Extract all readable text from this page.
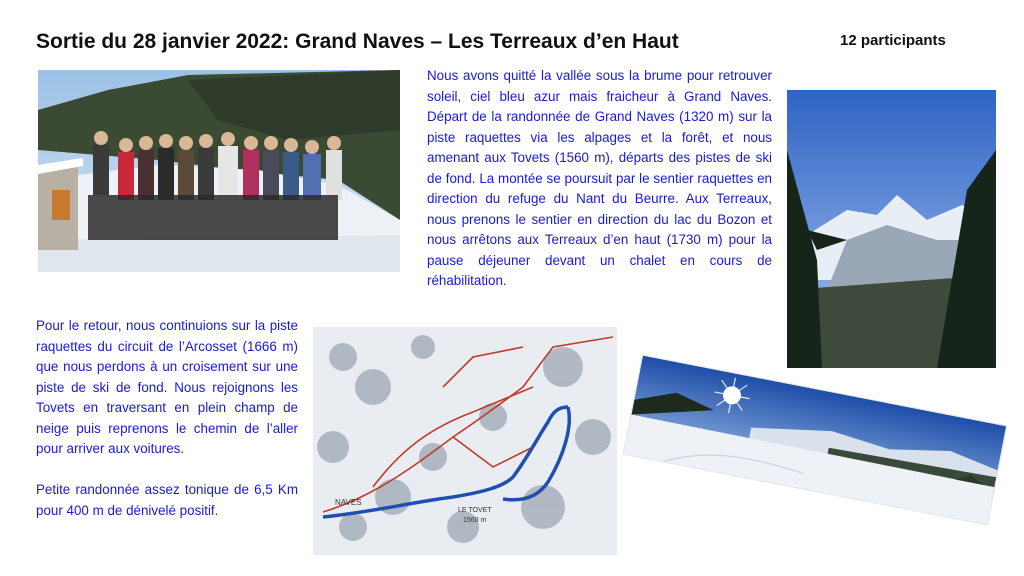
Sortie du 28 janvier 2022: Grand Naves – Les Terreaux d’en Haut	12 participants

Nous avons quitté la vallée sous la brume pour retrouver soleil, ciel bleu azur mais fraicheur à Grand Naves. Départ de la randonnée de Grand Naves (1320 m) sur la piste raquettes via les alpages et la forêt, et nous amenant aux Tovets (1560 m), départs des pistes de ski de fond. La montée se poursuit par le sentier raquettes en direction du refuge du Nant du Beurre. Aux Terreaux, nous prenons le sentier en direction du lac du Bozon et nous arrêtons aux Terreaux d’en haut (1730 m) pour la pause déjeuner devant un chalet en cours de réhabilitation.

Pour le retour, nous continuions sur la piste raquettes du circuit de l’Arcosset (1666 m) que nous perdons à un croisement sur une piste de ski de fond. Nous rejoignons les Tovets en traversant en plein champ de neige puis reprenons le chemin de l’aller pour arriver aux voitures.

Petite randonnée assez tonique de 6,5 Km pour 400 m de dénivelé positif.	NAVES
LE TOVET
1560 m
